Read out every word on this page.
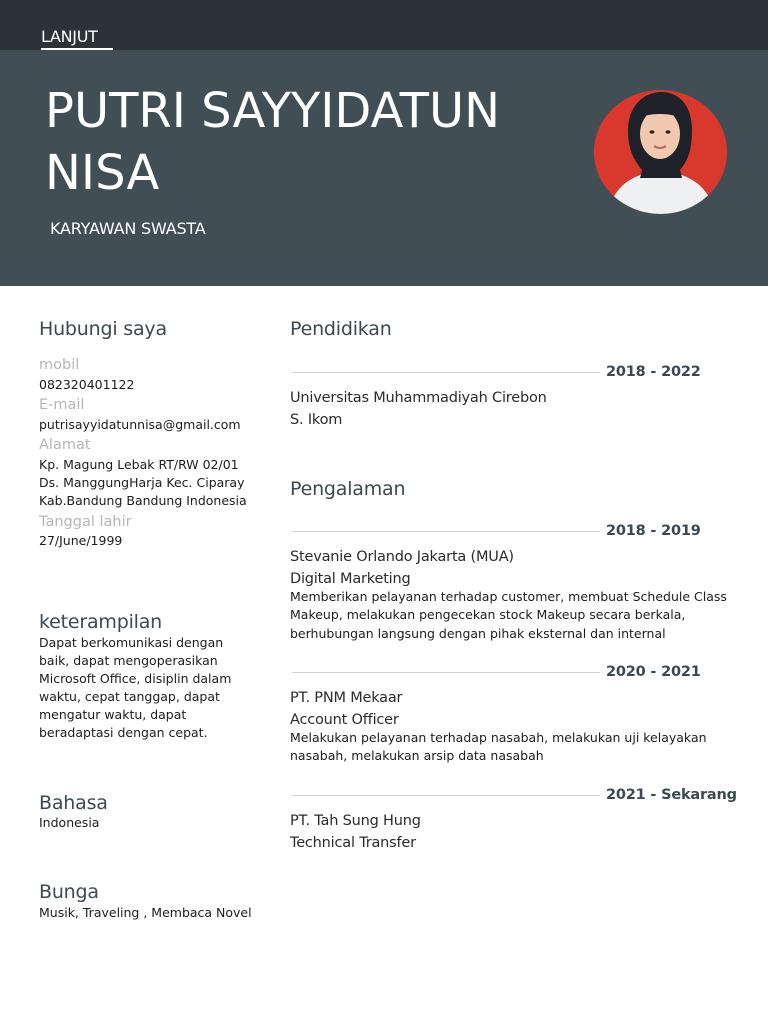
LANJUT
PUTRI SAYYIDATUN NISA
KARYAWAN SWASTA
Hubungi saya
mobil
082320401122
E-mail
putrisayyidatunnisa@gmail.com
Alamat
Kp. Magung Lebak RT/RW 02/01
Ds. ManggungHarja Kec. Ciparay
Kab.Bandung Bandung Indonesia
Tanggal lahir
27/June/1999
keterampilan
Dapat berkomunikasi dengan
baik, dapat mengoperasikan
Microsoft Office, disiplin dalam
waktu, cepat tanggap, dapat
mengatur waktu, dapat
beradaptasi dengan cepat.
Bahasa
Indonesia
Bunga
Musik, Traveling , Membaca Novel
Pendidikan
2018 - 2022
Universitas Muhammadiyah Cirebon
S. Ikom
Pengalaman
2018 - 2019
Stevanie Orlando Jakarta (MUA)
Digital Marketing
Memberikan pelayanan terhadap customer, membuat Schedule Class
Makeup, melakukan pengecekan stock Makeup secara berkala,
berhubungan langsung dengan pihak eksternal dan internal
2020 - 2021
PT. PNM Mekaar
Account Officer
Melakukan pelayanan terhadap nasabah, melakukan uji kelayakan
nasabah, melakukan arsip data nasabah
2021 - Sekarang
PT. Tah Sung Hung
Technical Transfer
